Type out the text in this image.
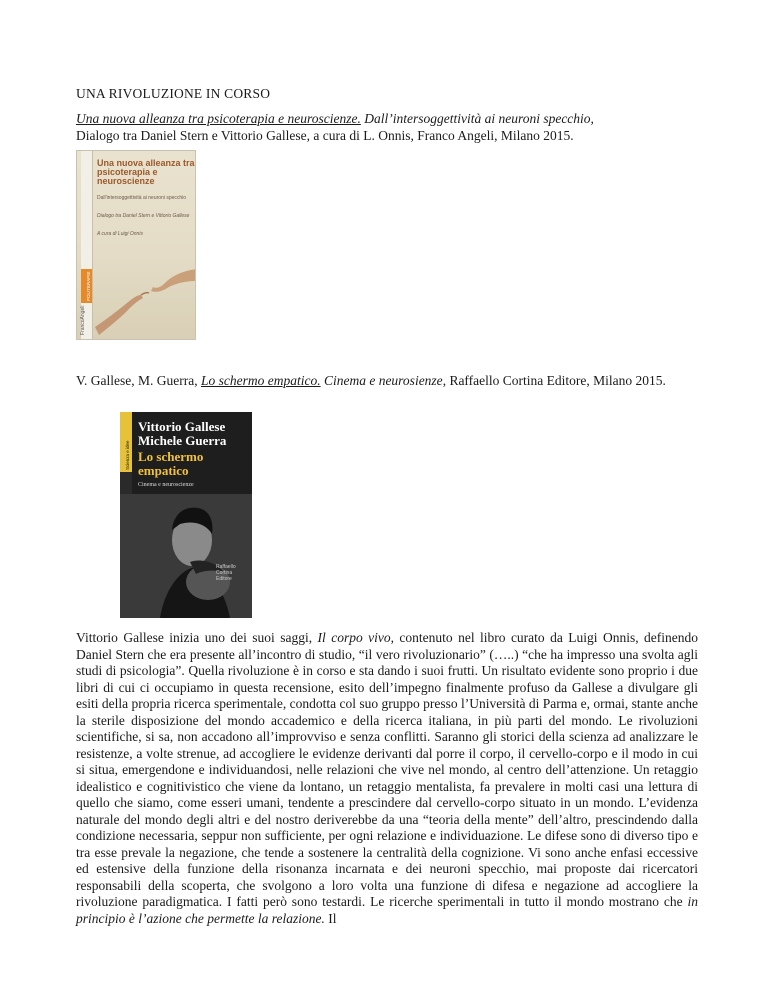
UNA RIVOLUZIONE IN CORSO
Una nuova alleanza tra psicoterapia e neuroscienze. Dall’intersoggettività ai neuroni specchio,
Dialogo tra Daniel Stern e Vittorio Gallese, a cura di L. Onnis, Franco Angeli, Milano 2015.
Una nuova alleanza tra psicoterapia e neuroscienze
Dall'intersoggettività ai neuroni specchio
Dialogo tra Daniel Stern e Vittorio Gallese
A cura di Luigi Onnis
FrancoAngeli
POLITERAPIE
V. Gallese, M. Guerra, Lo schermo empatico. Cinema e neurosienze, Raffaello Cortina Editore, Milano 2015.
Scienza e idee
Vittorio Gallese
Michele Guerra
Lo schermo
empatico
Cinema e neuroscienze
Raffaello Cortina Editore

Vittorio Gallese inizia uno dei suoi saggi, Il corpo vivo, contenuto nel libro curato da Luigi Onnis, definendo Daniel Stern che era presente all’incontro di studio, “il vero rivoluzionario” (…..) “che ha impresso una svolta agli studi di psicologia”. Quella rivoluzione è in corso e sta dando i suoi frutti. Un risultato evidente sono proprio i due libri di cui ci occupiamo in questa recensione, esito dell’impegno finalmente profuso da Gallese a divulgare gli esiti della propria ricerca sperimentale, condotta col suo gruppo presso l’Università di Parma e, ormai, stante anche la sterile disposizione del mondo accademico e della ricerca italiana, in più parti del mondo. Le rivoluzioni scientifiche, si sa, non accadono all’improvviso e senza conflitti. Saranno gli storici della scienza ad analizzare le resistenze, a volte strenue, ad accogliere le evidenze derivanti dal porre il corpo, il cervello-corpo e il modo in cui si situa, emergendone e individuandosi, nelle relazioni che vive nel mondo, al centro dell’attenzione. Un retaggio idealistico e cognitivistico che viene da lontano, un retaggio mentalista, fa prevalere in molti casi una lettura di quello che siamo, come esseri umani, tendente a prescindere dal cervello-corpo situato in un mondo. L’evidenza naturale del mondo degli altri e del nostro deriverebbe da una “teoria della mente” dell’altro, prescindendo dalla condizione necessaria, seppur non sufficiente, per ogni relazione e individuazione. Le difese sono di diverso tipo e tra esse prevale la negazione, che tende a sostenere la centralità della cognizione. Vi sono anche enfasi eccessive ed estensive della funzione della risonanza incarnata e dei neuroni specchio, mai proposte dai ricercatori responsabili della scoperta, che svolgono a loro volta una funzione di difesa e negazione ad accogliere la rivoluzione paradigmatica. I fatti però sono testardi. Le ricerche sperimentali in tutto il mondo mostrano che in principio è l’azione che permette la relazione. Il
